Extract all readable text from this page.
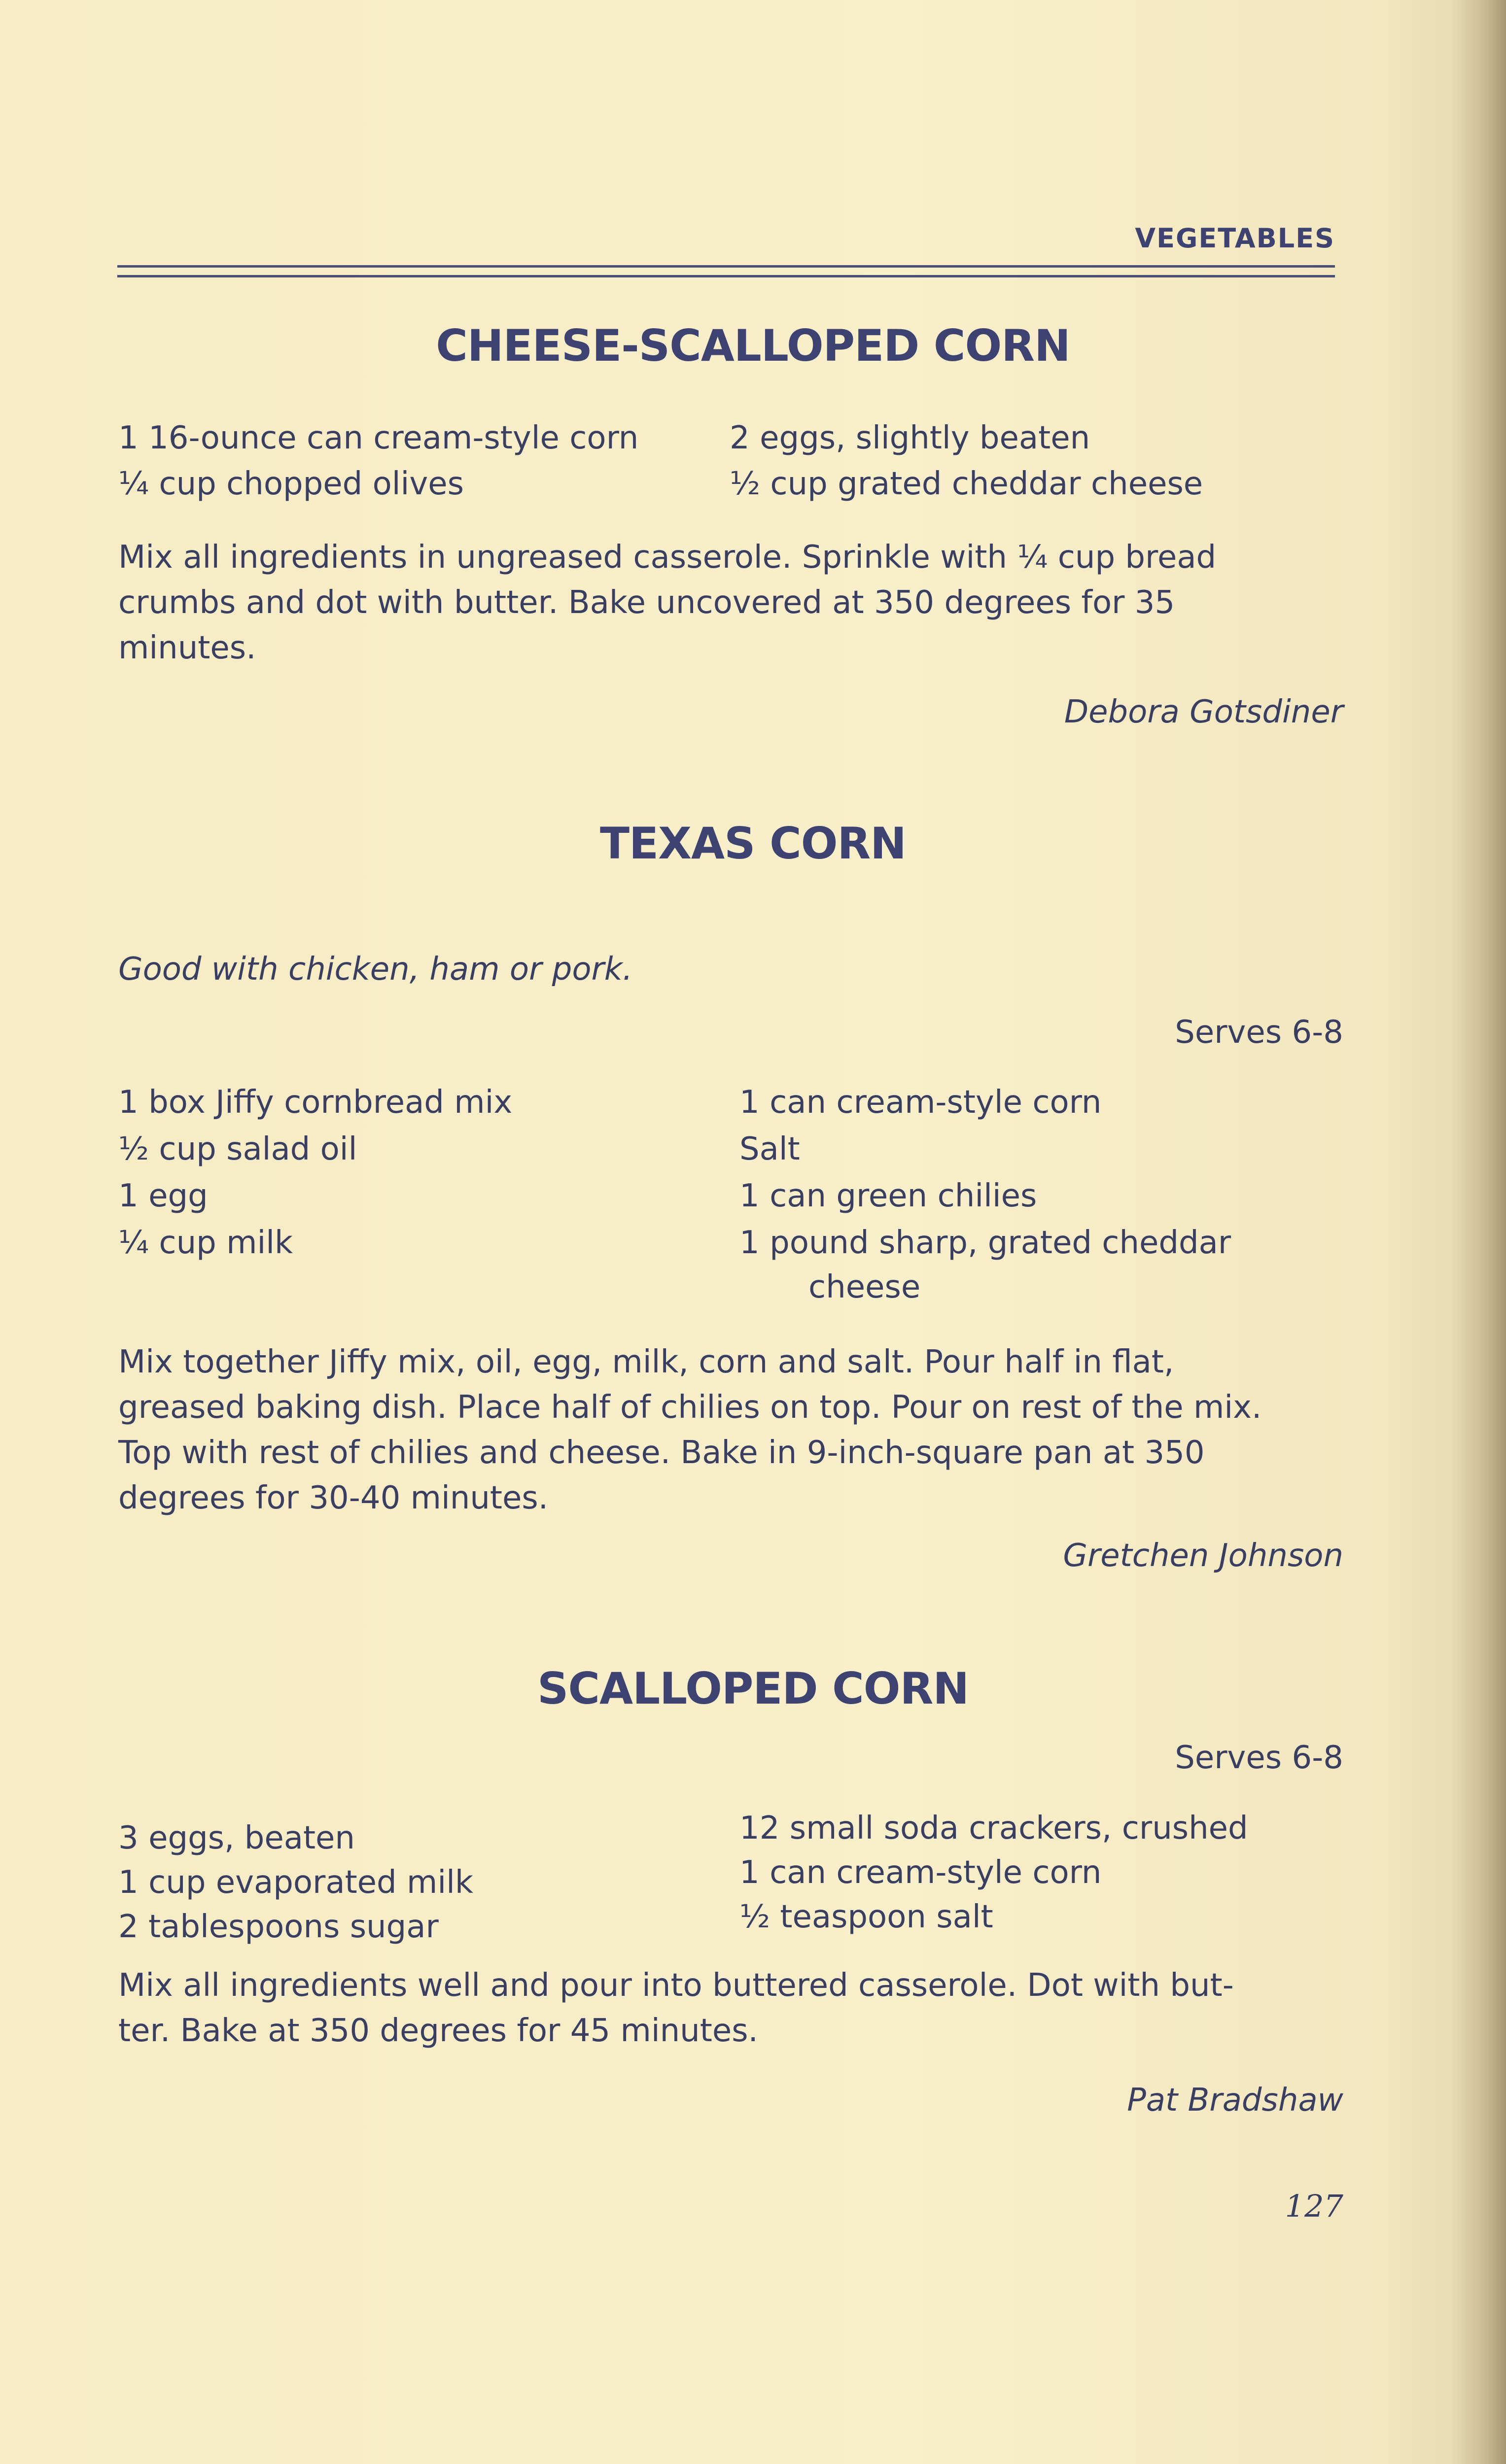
VEGETABLES
CHEESE-SCALLOPED CORN
1 16-ounce can cream-style corn
¼ cup chopped olives
2 eggs, slightly beaten
½ cup grated cheddar cheese
Mix all ingredients in ungreased casserole. Sprinkle with ¼ cup bread
crumbs and dot with butter. Bake uncovered at 350 degrees for 35
minutes.
Debora Gotsdiner
TEXAS CORN
Good with chicken, ham or pork.
Serves 6-8
1 box Jiffy cornbread mix
½ cup salad oil
1 egg
¼ cup milk
1 can cream-style corn
Salt
1 can green chilies
1 pound sharp, grated cheddar
cheese
Mix together Jiffy mix, oil, egg, milk, corn and salt. Pour half in flat,
greased baking dish. Place half of chilies on top. Pour on rest of the mix.
Top with rest of chilies and cheese. Bake in 9-inch-square pan at 350
degrees for 30-40 minutes.
Gretchen Johnson
SCALLOPED CORN
Serves 6-8
3 eggs, beaten
1 cup evaporated milk
2 tablespoons sugar
12 small soda crackers, crushed
1 can cream-style corn
½ teaspoon salt
Mix all ingredients well and pour into buttered casserole. Dot with but-
ter. Bake at 350 degrees for 45 minutes.
Pat Bradshaw
127
